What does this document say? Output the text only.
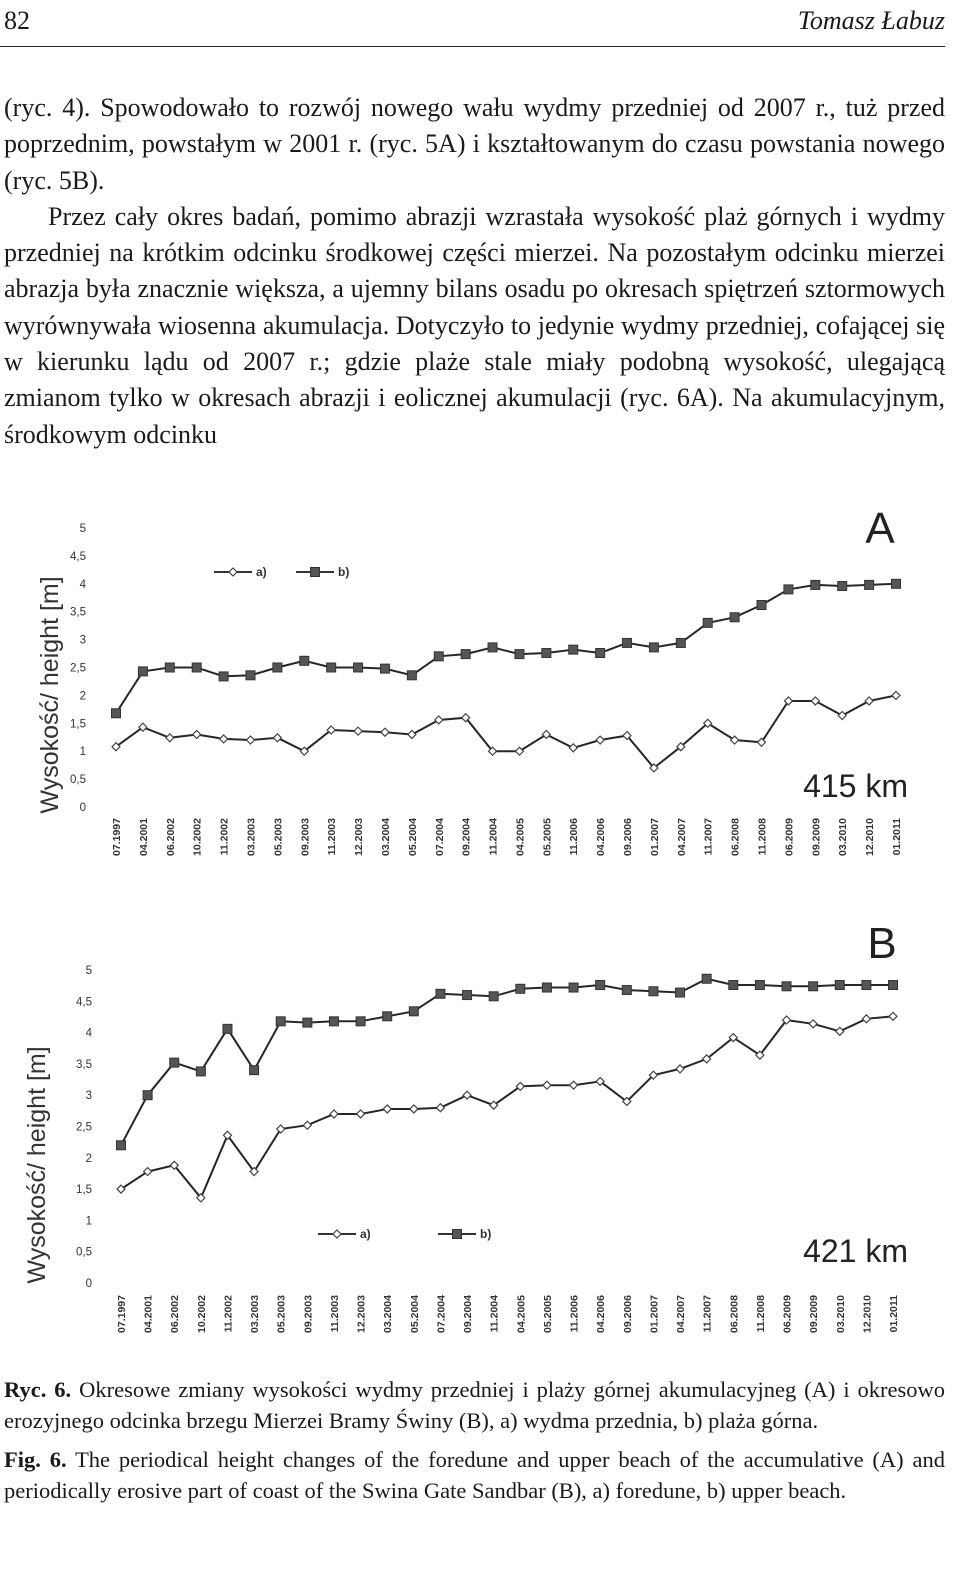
82	Tomasz Łabuz

(ryc. 4). Spowodowało to rozwój nowego wału wydmy przedniej od 2007 r., tuż przed poprzednim, powstałym w 2001 r. (ryc. 5A) i kształtowanym do czasu powstania nowego (ryc. 5B).

Przez cały okres badań, pomimo abrazji wzrastała wysokość plaż górnych i wydmy przedniej na krótkim odcinku środkowej części mierzei. Na pozostałym odcinku mierzei abrazja była znacznie większa, a ujemny bilans osadu po okresach spiętrzeń sztormowych wyrównywała wiosenna akumulacja. Dotyczyło to jedynie wydmy przedniej, cofającej się w kierunku lądu od 2007 r.; gdzie plaże stale miały podobną wysokość, ulegającą zmianom tylko w okresach abrazji i eolicznej akumulacji (ryc. 6A). Na akumulacyjnym, środkowym odcinku

0
0,5
1
1,5
2
2,5
3
3,5
4
4,5
5
Wysokość/ height [m]
07.1997 04.2001 06.2002 10.2002 11.2002 03.2003 05.2003 09.2003 11.2003 12.2003 03.2004 05.2004 07.2004 09.2004 11.2004 04.2005 05.2005 11.2006 04.2006 09.2006 01.2007 04.2007 11.2007 06.2008 11.2008 06.2009 09.2009 03.2010 12.2010 01.2011
a)	b)
A
415 km
0
0,5
1
1,5
2
2,5
3
3,5
4
4,5
5
Wysokość/ height [m]
07.1997 04.2001 06.2002 10.2002 11.2002 03.2003 05.2003 09.2003 11.2003 12.2003 03.2004 05.2004 07.2004 09.2004 11.2004 04.2005 05.2005 11.2006 04.2006 09.2006 01.2007 04.2007 11.2007 06.2008 11.2008 06.2009 09.2009 03.2010 12.2010 01.2011
a)	b)
B
421 km

Ryc. 6. Okresowe zmiany wysokości wydmy przedniej i plaży górnej akumulacyjneg (A) i okresowo erozyjnego odcinka brzegu Mierzei Bramy Świny (B), a) wydma przednia, b) plaża górna.

Fig. 6. The periodical height changes of the foredune and upper beach of the accumulative (A) and periodically erosive part of coast of the Swina Gate Sandbar (B), a) foredune, b) upper beach.
